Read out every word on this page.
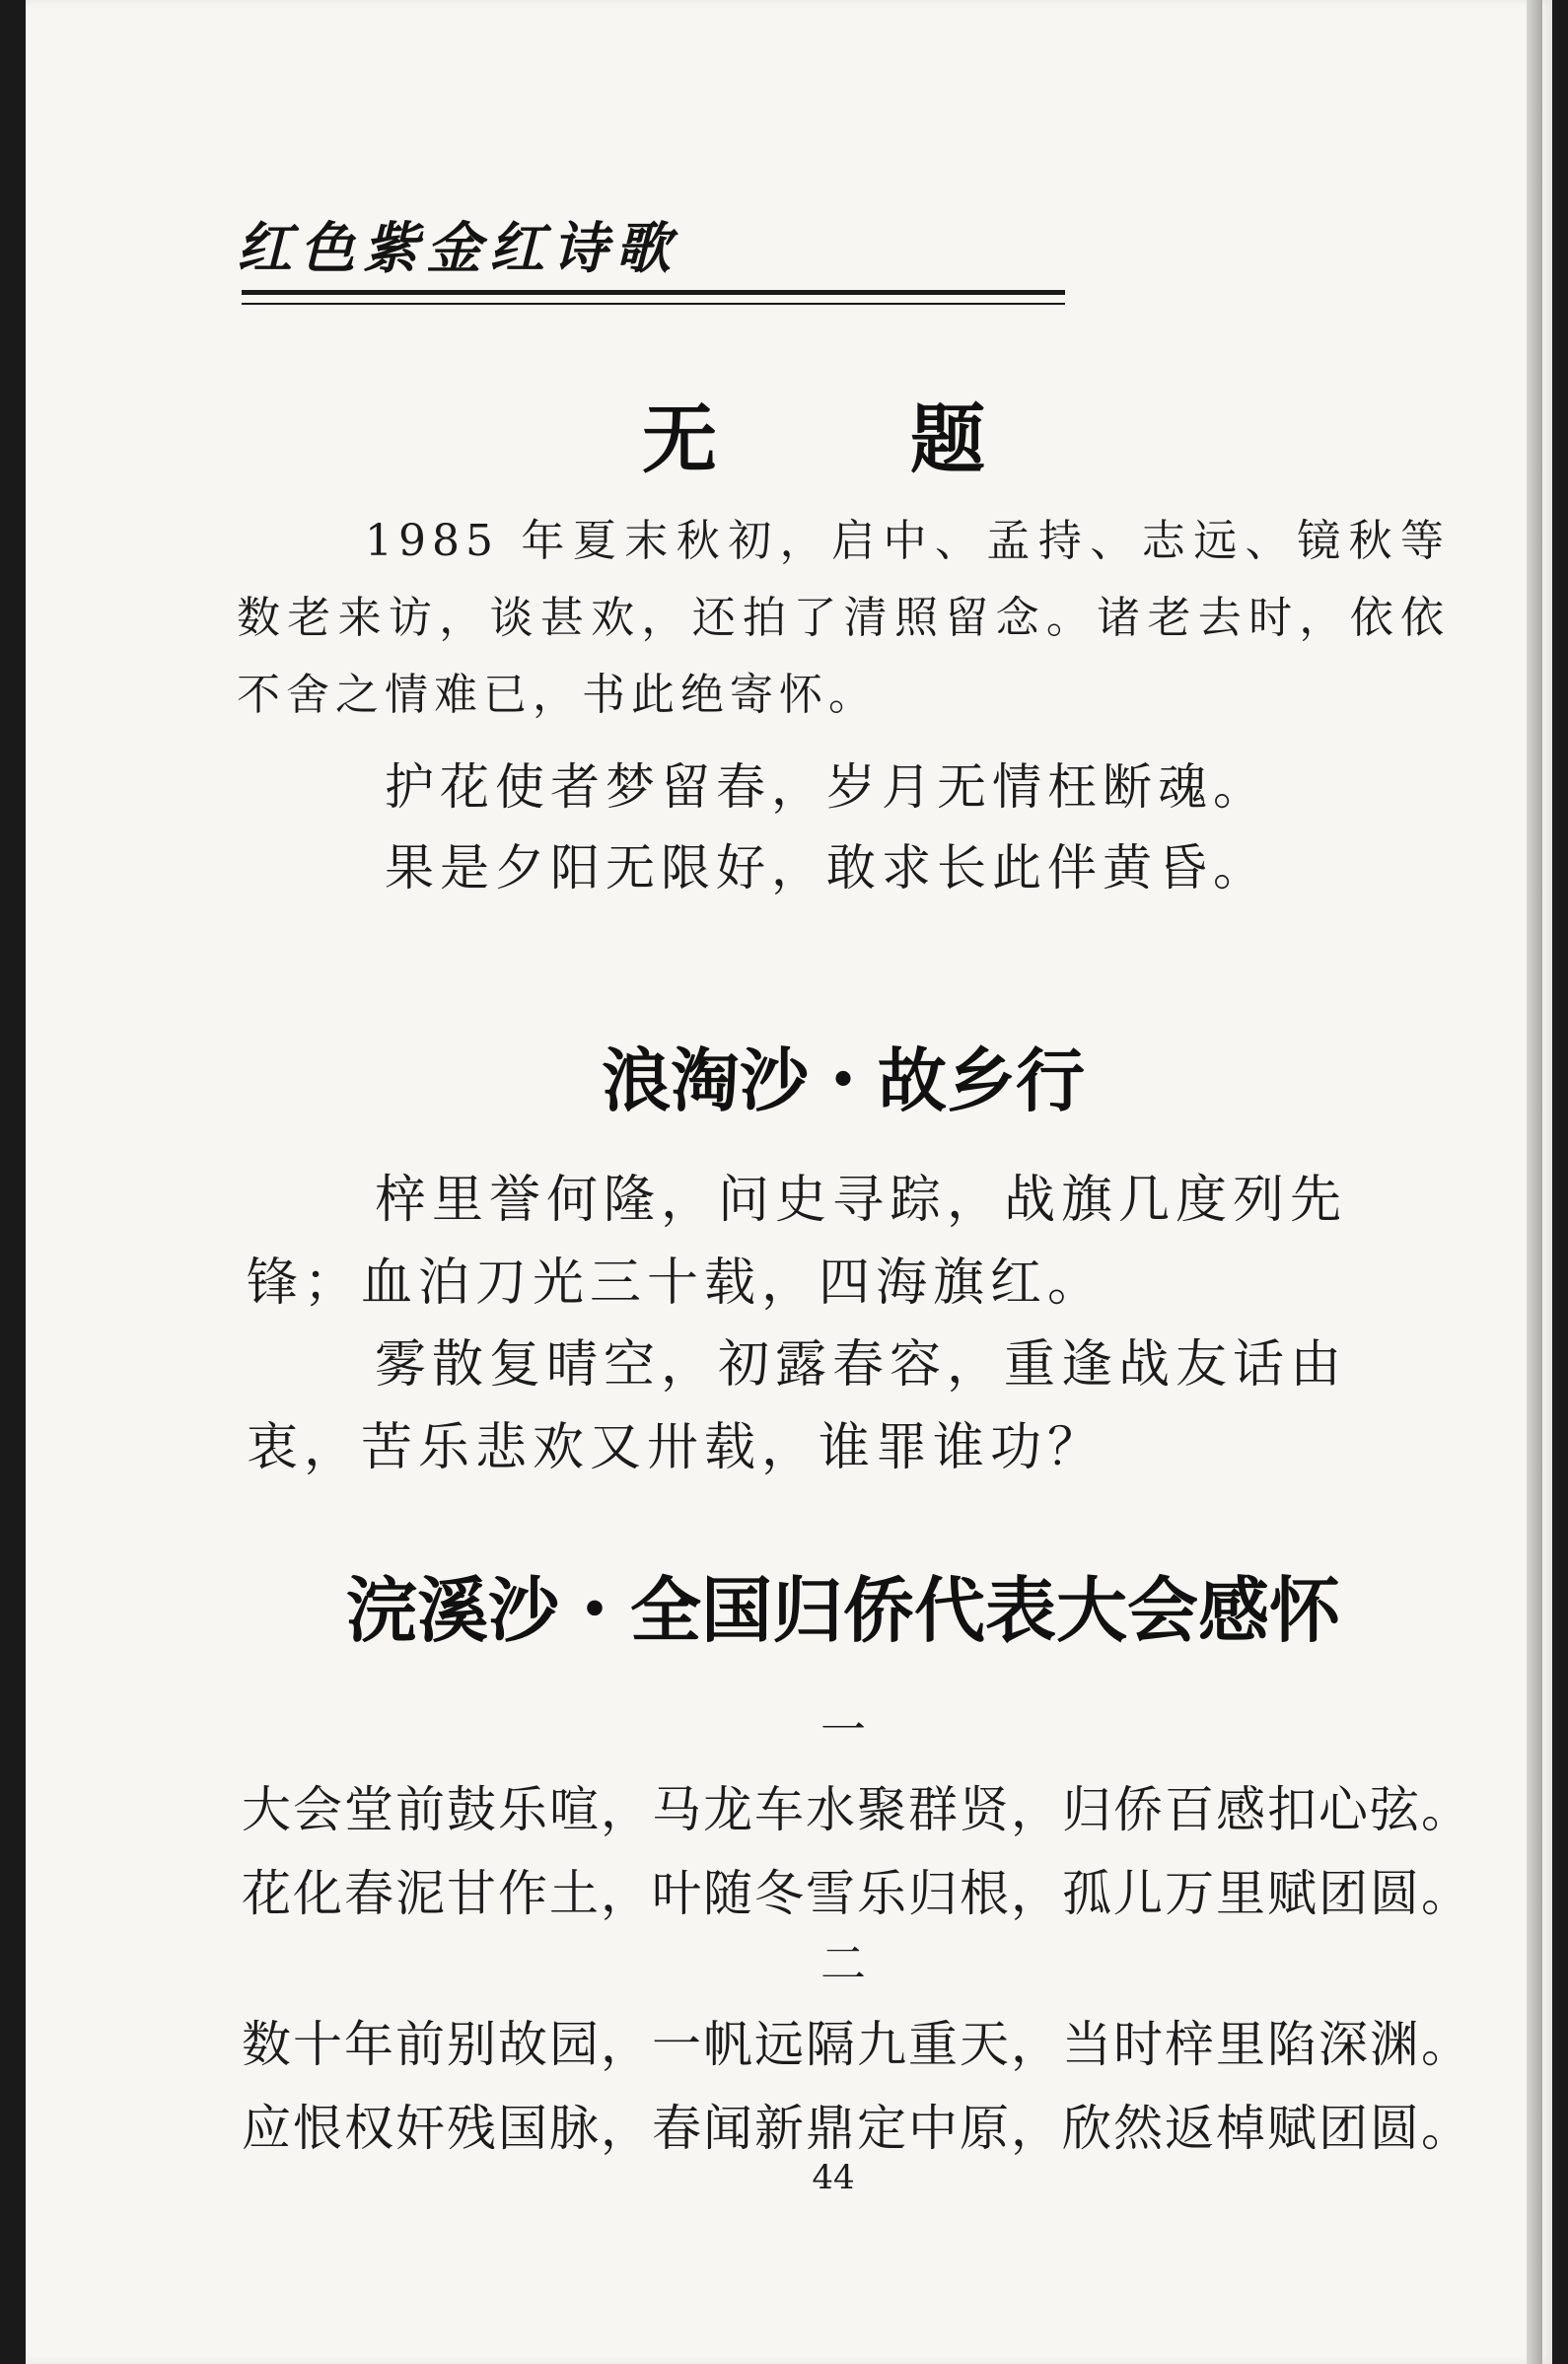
红色紫金红诗歌
无　题
1985 年夏末秋初，启中、孟持、志远、镜秋等数老来访，谈甚欢，还拍了清照留念。诸老去时，依依不舍之情难已，书此绝寄怀。
护花使者梦留春，岁月无情枉断魂。
果是夕阳无限好，敢求长此伴黄昏。
浪淘沙・故乡行
梓里誉何隆，问史寻踪，战旗几度列先锋；血泊刀光三十载，四海旗红。
雾散复晴空，初露春容，重逢战友话由衷，苦乐悲欢又卅载，谁罪谁功？
浣溪沙・全国归侨代表大会感怀
一
大会堂前鼓乐喧，马龙车水聚群贤，归侨百感扣心弦。
花化春泥甘作土，叶随冬雪乐归根，孤儿万里赋团圆。
二
数十年前别故园，一帆远隔九重天，当时梓里陷深渊。
应恨权奸残国脉，春闻新鼎定中原，欣然返棹赋团圆。
44
